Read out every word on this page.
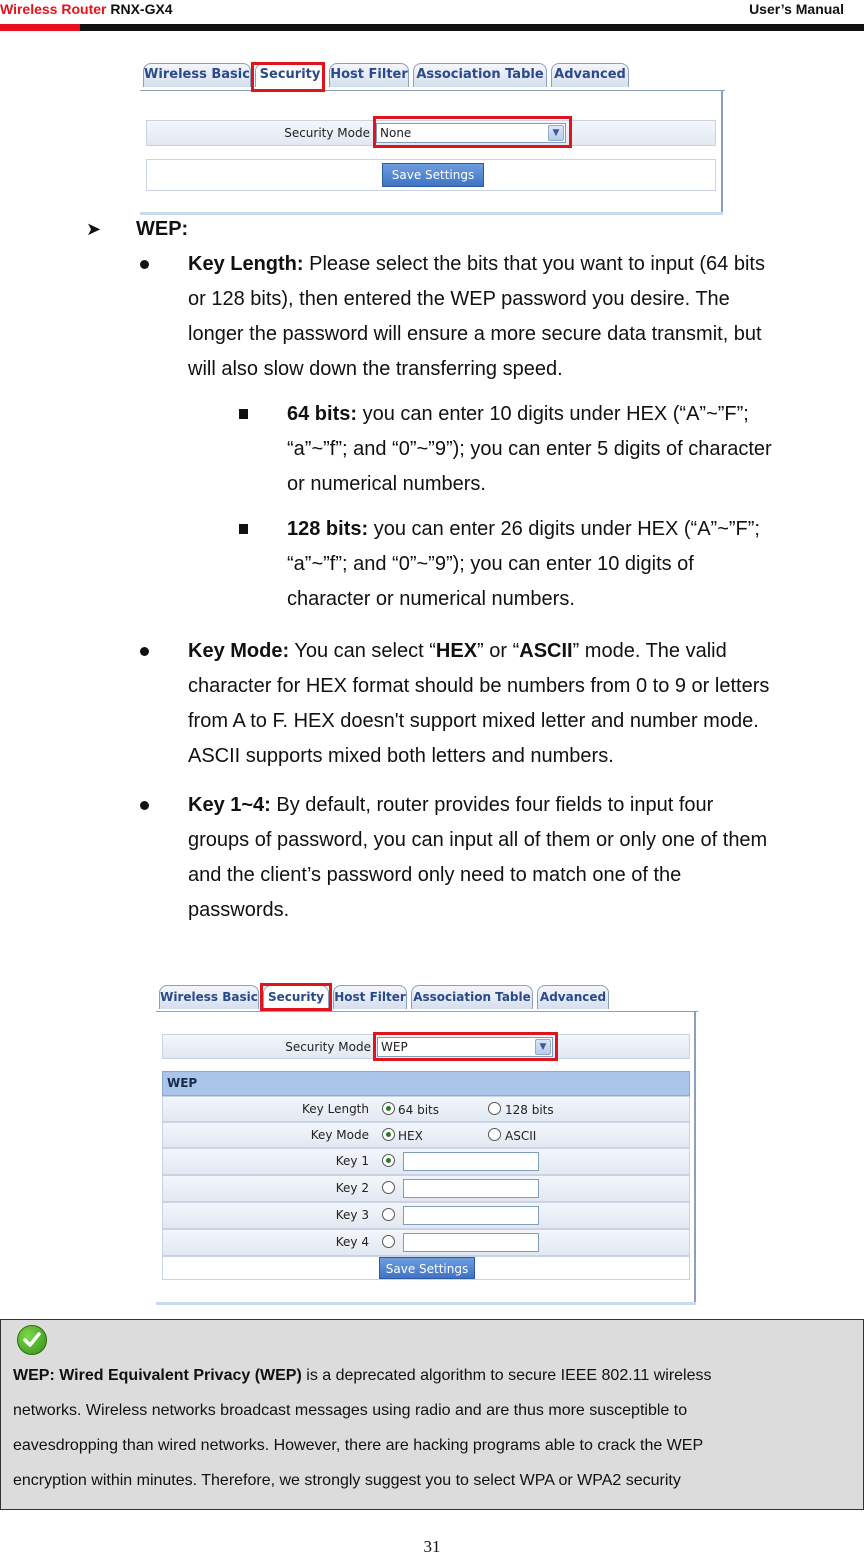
Wireless Router RNX-GX4	User’s Manual
Wireless Basic Security Host Filter Association Table Advanced
Security Mode None	▼
Save Settings
➤ WEP:
Key Length: Please select the bits that you want to input (64 bits
or 128 bits), then entered the WEP password you desire. The
longer the password will ensure a more secure data transmit, but
will also slow down the transferring speed.
64 bits: you can enter 10 digits under HEX (“A”~”F”;
“a”~”f”; and “0”~”9”); you can enter 5 digits of character
or numerical numbers.
128 bits: you can enter 26 digits under HEX (“A”~”F”;
“a”~”f”; and “0”~”9”); you can enter 10 digits of
character or numerical numbers.
Key Mode: You can select “HEX” or “ASCII” mode. The valid
character for HEX format should be numbers from 0 to 9 or letters
from A to F. HEX doesn't support mixed letter and number mode.
ASCII supports mixed both letters and numbers.
Key 1~4: By default, router provides four fields to input four
groups of password, you can input all of them or only one of them
and the client’s password only need to match one of the
passwords.
Wireless Basic Security Host Filter Association Table Advanced
Security Mode WEP	▼
WEP
Key Length 64 bits	128 bits
Key Mode HEX	ASCII
Key 1
Key 2
Key 3
Key 4
Save Settings
WEP: Wired Equivalent Privacy (WEP) is a deprecated algorithm to secure IEEE 802.11 wireless
networks. Wireless networks broadcast messages using radio and are thus more susceptible to
eavesdropping than wired networks. However, there are hacking programs able to crack the WEP
encryption within minutes. Therefore, we strongly suggest you to select WPA or WPA2 security
31
